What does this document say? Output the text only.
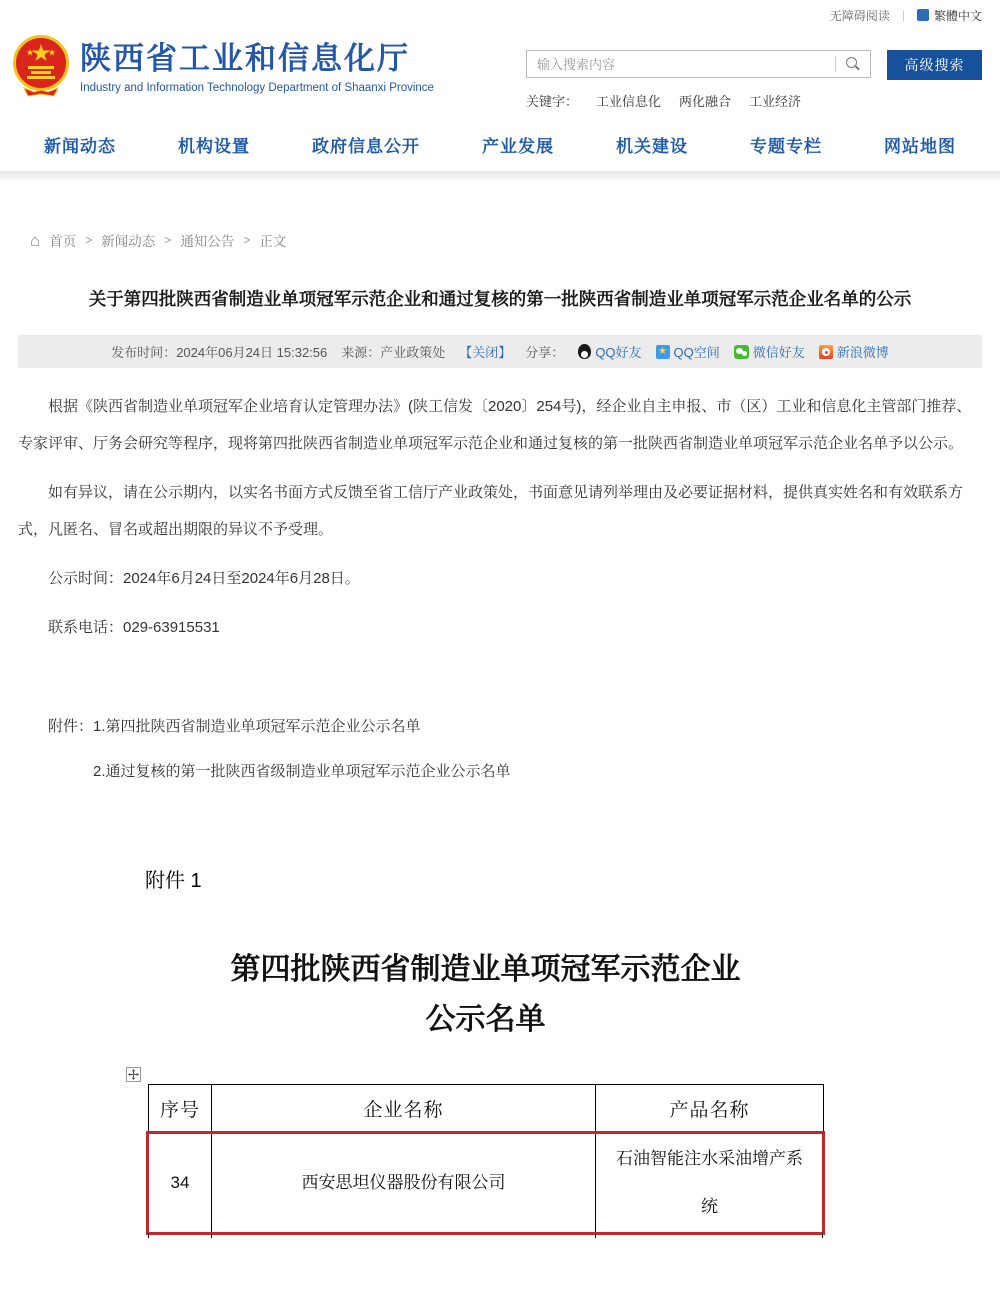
无障碍阅读 | 繁體中文
陕西省工业和信息化厅
Industry and Information Technology Department of Shaanxi Province
输入搜索内容
高级搜索
关键字： 工业信息化 两化融合 工业经济
新闻动态	机构设置	政府信息公开	产业发展	机关建设	专题专栏	网站地图
⌂
首页 > 新闻动态 > 通知公告 > 正文
关于第四批陕西省制造业单项冠军示范企业和通过复核的第一批陕西省制造业单项冠军示范企业名单的公示
发布时间：2024年06月24日 15:32:56 来源：产业政策处 【关闭】 分享： QQ好友 ★ QQ空间	微信好友 新浪微博

根据《陕西省制造业单项冠军企业培育认定管理办法》(陕工信发〔2020〕254号)，经企业自主申报、市（区）工业和信息化主管部门推荐、专家评审、厅务会研究等程序，现将第四批陕西省制造业单项冠军示范企业和通过复核的第一批陕西省制造业单项冠军示范企业名单予以公示。

如有异议，请在公示期内，以实名书面方式反馈至省工信厅产业政策处，书面意见请列举理由及必要证据材料，提供真实姓名和有效联系方式，凡匿名、冒名或超出期限的异议不予受理。

公示时间：2024年6月24日至2024年6月28日。

联系电话：029-63915531

附件：1.第四批陕西省制造业单项冠军示范企业公示名单

2.通过复核的第一批陕西省级制造业单项冠军示范企业公示名单

附件 1
第四批陕西省制造业单项冠军示范企业
公示名单
序号	企业名称	产品名称
34	西安思坦仪器股份有限公司	石油智能注水采油增产系统
